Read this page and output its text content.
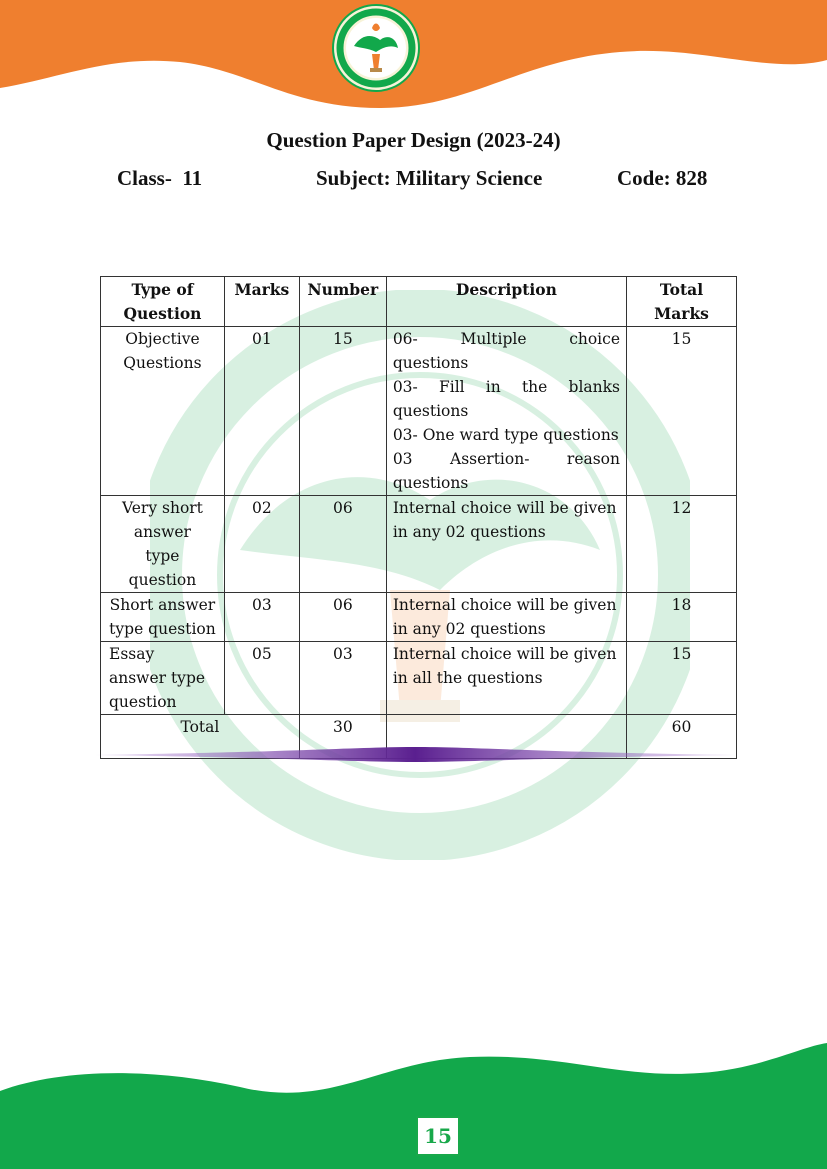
Question Paper Design (2023-24)
Class-  11	Subject: Military Science	Code: 828
Type of Question	Marks	Number	Description	Total Marks
Objective Questions	01	15	06- Multiple choice questions
03- Fill in the blanks questions
03- One ward type questions
03 Assertion- reason questions	15
Very short answer type question	02	06	Internal choice will be given in any 02 questions	12
Short answer type question	03	06	Internal choice will be given in any 02 questions	18
Essay answer type question	05	03	Internal choice will be given in all the questions	15
Total		30		60
15
